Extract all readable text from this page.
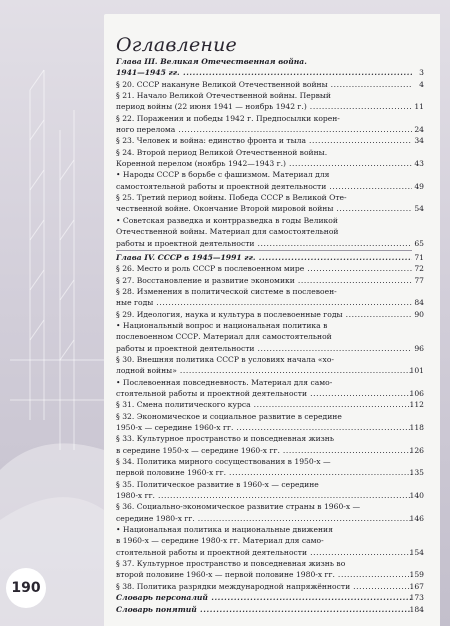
Оглавление
Глава III. Великая Отечественная война.
1941—1945 гг. .....	3
§ 20. СССР накануне Великой Отечественной войны .....	4
§ 21. Начало Великой Отечественной войны. Первый
период войны (22 июня 1941 — ноябрь 1942 г.) .....	11
§ 22. Поражения и победы 1942 г. Предпосылки корен-
ного перелома .....	24
§ 23. Человек и война: единство фронта и тыла .....	34
§ 24. Второй период Великой Отечественной войны.
Коренной перелом (ноябрь 1942—1943 г.) .....	43
• Народы СССР в борьбе с фашизмом. Материал для
самостоятельной работы и проектной деятельности .....	49
§ 25. Третий период войны. Победа СССР в Великой Оте-
чественной войне. Окончание Второй мировой войны .....	54
• Советская разведка и контрразведка в годы Великой
Отечественной войны. Материал для самостоятельной
работы и проектной деятельности .....	65
Глава IV. СССР в 1945—1991 гг. .....	71
§ 26. Место и роль СССР в послевоенном мире .....	72
§ 27. Восстановление и развитие экономики .....	77
§ 28. Изменения в политической системе в послевоен-
ные годы .....	84
§ 29. Идеология, наука и культура в послевоенные годы .....	90
• Национальный вопрос и национальная политика в
послевоенном СССР. Материал для самостоятельной
работы и проектной деятельности .....	96
§ 30. Внешняя политика СССР в условиях начала «хо-
лодной войны» .....	101
• Послевоенная повседневность. Материал для само-
стоятельной работы и проектной деятельности .....	106
§ 31. Смена политического курса .....	112
§ 32. Экономическое и социальное развитие в середине
1950-х — середине 1960-х гг. .....	118
§ 33. Культурное пространство и повседневная жизнь
в середине 1950-х — середине 1960-х гг. .....	126
§ 34. Политика мирного сосуществования в 1950-х —
первой половине 1960-х гг. .....	135
§ 35. Политическое развитие в 1960-х — середине
1980-х гг. .....	140
§ 36. Социально-экономическое развитие страны в 1960-х —
середине 1980-х гг. .....	146
• Национальная политика и национальные движения
в 1960-х — середине 1980-х гг. Материал для само-
стоятельной работы и проектной деятельности .....	154
§ 37. Культурное пространство и повседневная жизнь во
второй половине 1960-х — первой половине 1980-х гг. .....	159
§ 38. Политика разрядки международной напряжённости .....	167
Словарь персоналий .....	173
Словарь понятий .....	184
190
